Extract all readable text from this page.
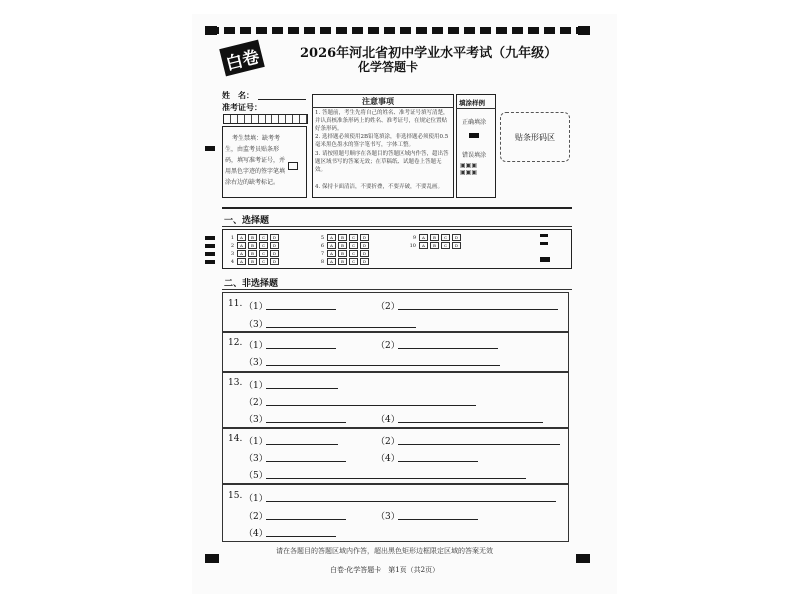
白卷	2026年河北省初中学业水平考试（九年级）
化学答题卡
姓　名：
准考证号：
考生禁填：缺考考
生，由监考员贴条形
码，填写准考证号，并
用黑色字迹的签字笔填
涂右边的缺考标记。
注意事项
1. 答题前，考生先将自己的姓名、准考证号填写清楚，并认真核准条形码上的姓名、准考证号，在规定位置贴好条形码。
2. 选择题必须使用2B铅笔填涂，非选择题必须使用0.5毫米黑色墨水的签字笔书写，字体工整。
3. 请按照题号顺序在各题目的答题区域内作答，超出答题区域书写的答案无效；在草稿纸、试题卷上答题无效。
4. 保持卡面清洁，不要折叠，不要弄破，不要乱画。
填涂样例
正确填涂
错误填涂
▣▣▣
▣▣▣
贴条形码区
一、选择题
1	A	B	C	D
2	A	B	C	D
3	A	B	C	D
4	A	B	C	D
5	A	B	C	D
6	A	B	C	D
7	A	B	C	D
8	A	B	C	D
9	A	B	C	D
10	A	B	C	D
二、非选择题
11. （1）	（2）
（3）
12. （1）	（2）
（3）
13. （1）
（2）
（3）	（4）
14. （1）	（2）
（3）	（4）
（5）
15. （1）
（2）	（3）
（4）
请在各题目的答题区域内作答，超出黑色矩形边框限定区域的答案无效
白卷·化学答题卡　第1页（共2页）
